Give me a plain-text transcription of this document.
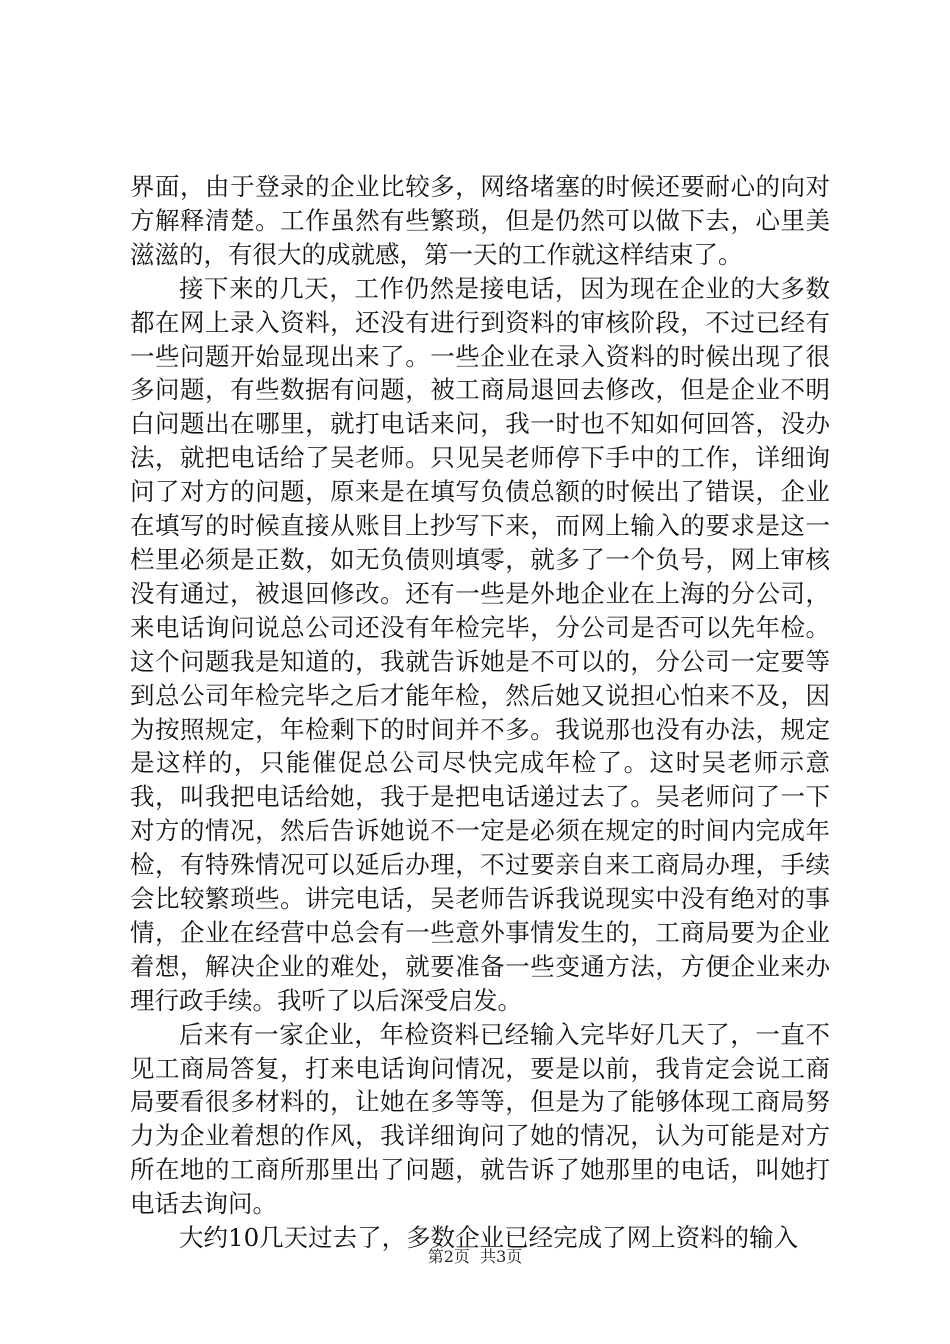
界面，由于登录的企业比较多，网络堵塞的时候还要耐心的向对方解释清楚。工作虽然有些繁琐，但是仍然可以做下去，心里美滋滋的，有很大的成就感，第一天的工作就这样结束了。

接下来的几天，工作仍然是接电话，因为现在企业的大多数都在网上录入资料，还没有进行到资料的审核阶段，不过已经有一些问题开始显现出来了。一些企业在录入资料的时候出现了很多问题，有些数据有问题，被工商局退回去修改，但是企业不明白问题出在哪里，就打电话来问，我一时也不知如何回答，没办法，就把电话给了吴老师。只见吴老师停下手中的工作，详细询问了对方的问题，原来是在填写负债总额的时候出了错误，企业在填写的时候直接从账目上抄写下来，而网上输入的要求是这一栏里必须是正数，如无负债则填零，就多了一个负号，网上审核没有通过，被退回修改。还有一些是外地企业在上海的分公司，来电话询问说总公司还没有年检完毕，分公司是否可以先年检。这个问题我是知道的，我就告诉她是不可以的，分公司一定要等到总公司年检完毕之后才能年检，然后她又说担心怕来不及，因为按照规定，年检剩下的时间并不多。我说那也没有办法，规定是这样的，只能催促总公司尽快完成年检了。这时吴老师示意我，叫我把电话给她，我于是把电话递过去了。吴老师问了一下对方的情况，然后告诉她说不一定是必须在规定的时间内完成年检，有特殊情况可以延后办理，不过要亲自来工商局办理，手续会比较繁琐些。讲完电话，吴老师告诉我说现实中没有绝对的事情，企业在经营中总会有一些意外事情发生的，工商局要为企业着想，解决企业的难处，就要准备一些变通方法，方便企业来办理行政手续。我听了以后深受启发。

后来有一家企业，年检资料已经输入完毕好几天了，一直不见工商局答复，打来电话询问情况，要是以前，我肯定会说工商局要看很多材料的，让她在多等等，但是为了能够体现工商局努力为企业着想的作风，我详细询问了她的情况，认为可能是对方所在地的工商所那里出了问题，就告诉了她那里的电话，叫她打电话去询问。

大约10几天过去了，多数企业已经完成了网上资料的输入

第2页  共3页
